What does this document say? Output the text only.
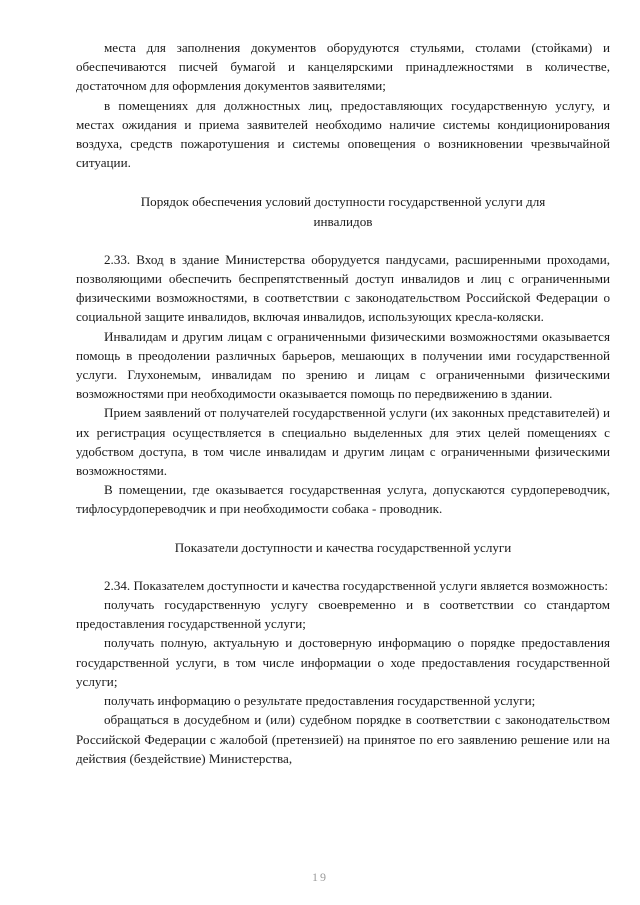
места для заполнения документов оборудуются стульями, столами (стойками) и обеспечиваются писчей бумагой и канцелярскими принадлежностями в количестве, достаточном для оформления документов заявителями;

в помещениях для должностных лиц, предоставляющих государственную услугу, и местах ожидания и приема заявителей необходимо наличие системы кондиционирования воздуха, средств пожаротушения и системы оповещения о возникновении чрезвычайной ситуации.

Порядок обеспечения условий доступности государственной услуги для инвалидов

2.33. Вход в здание Министерства оборудуется пандусами, расширенными проходами, позволяющими обеспечить беспрепятственный доступ инвалидов и лиц с ограниченными физическими возможностями, в соответствии с законодательством Российской Федерации о социальной защите инвалидов, включая инвалидов, использующих кресла-коляски.

Инвалидам и другим лицам с ограниченными физическими возможностями оказывается помощь в преодолении различных барьеров, мешающих в получении ими государственной услуги. Глухонемым, инвалидам по зрению и лицам с ограниченными физическими возможностями при необходимости оказывается помощь по передвижению в здании.

Прием заявлений от получателей государственной услуги (их законных представителей) и их регистрация осуществляется в специально выделенных для этих целей помещениях с удобством доступа, в том числе инвалидам и другим лицам с ограниченными физическими возможностями.

В помещении, где оказывается государственная услуга, допускаются сурдопереводчик, тифлосурдопереводчик и при необходимости собака - проводник.

Показатели доступности и качества государственной услуги

2.34. Показателем доступности и качества государственной услуги является возможность:

получать государственную услугу своевременно и в соответствии со стандартом предоставления государственной услуги;

получать полную, актуальную и достоверную информацию о порядке предоставления государственной услуги, в том числе информации о ходе предоставления государственной услуги;

получать информацию о результате предоставления государственной услуги;

обращаться в досудебном и (или) судебном порядке в соответствии с законодательством Российской Федерации с жалобой (претензией) на принятое по его заявлению решение или на действия (бездействие) Министерства,

19
